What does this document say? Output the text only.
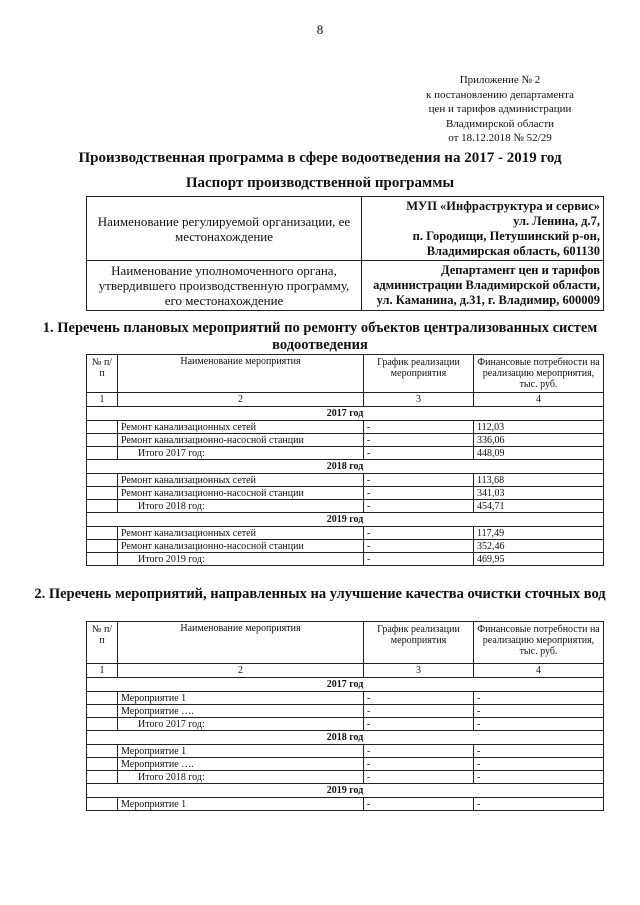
8
Приложение № 2
к постановлению департамента
цен и тарифов администрации
Владимирской области
от 18.12.2018 № 52/29
Производственная программа в сфере водоотведения на 2017 - 2019 год
Паспорт производственной программы
Наименование регулируемой организации, ее местонахождение	МУП «Инфраструктура и сервис»
ул. Ленина, д.7,
п. Городищи, Петушинский р-он,
Владимирская область, 601130

Наименование уполномоченного органа, утвердившего производственную программу, его местонахождение	Департамент цен и тарифов
администрации Владимирской области,
ул. Каманина, д.31, г. Владимир, 600009
1. Перечень плановых мероприятий по ремонту объектов централизованных систем водоотведения
№ п/п	Наименование мероприятия	График реализации мероприятия	Финансовые потребности на реализацию мероприятия, тыс. руб.
1	2	3	4
2017 год			
	Ремонт канализационных сетей	-	112,03
	Ремонт канализационно-насосной станции	-	336,06
	Итого 2017 год:	-	448,09
2018 год			
	Ремонт канализационных сетей	-	113,68
	Ремонт канализационно-насосной станции	-	341,03
	Итого 2018 год:	-	454,71
2019 год			
	Ремонт канализационных сетей	-	117,49
	Ремонт канализационно-насосной станции	-	352,46
	Итого 2019 год:	-	469,95
2. Перечень мероприятий, направленных на улучшение качества очистки сточных вод
№ п/п	Наименование мероприятия	График реализации мероприятия	Финансовые потребности на реализацию мероприятия, тыс. руб.
1	2	3	4
2017 год			
	Мероприятие 1	-	-
	Мероприятие ….	-	-
	Итого 2017 год:	-	-
2018 год			
	Мероприятие 1	-	-
	Мероприятие ….	-	-
	Итого 2018 год:	-	-
2019 год			
	Мероприятие 1	-	-
